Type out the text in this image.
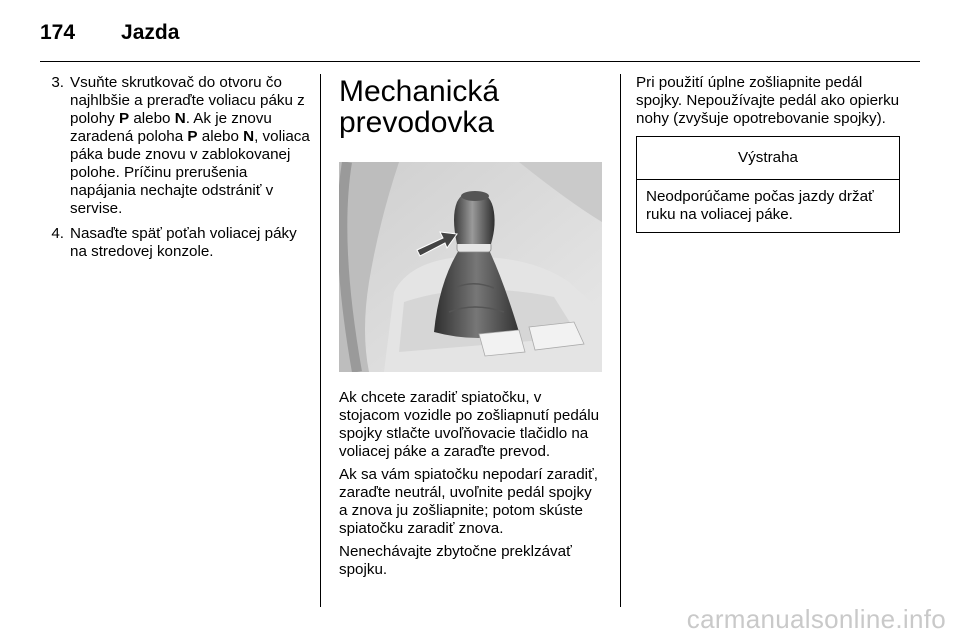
174 Jazda
3. Vsuňte skrutkovač do otvoru čo najhlbšie a preraďte voliacu páku z polohy P alebo N. Ak je znovu zaradená poloha P alebo N, voliaca páka bude znovu v zablokovanej polohe. Príčinu prerušenia napájania nechajte odstrániť v servise.
4. Nasaďte späť poťah voliacej páky na stredovej konzole.
Mechanická
prevodovka

Ak chcete zaradiť spiatočku, v stojacom vozidle po zošliapnutí pedálu spojky stlačte uvoľňovacie tlačidlo na voliacej páke a zaraďte prevod.

Ak sa vám spiatočku nepodarí zaradiť, zaraďte neutrál, uvoľnite pedál spojky a znova ju zošliapnite; potom skúste spiatočku zaradiť znova.

Nenechávajte zbytočne preklzávať spojku.

Pri použití úplne zošliapnite pedál spojky. Nepoužívajte pedál ako opierku nohy (zvyšuje opotrebovanie spojky).

Výstraha
Neodporúčame počas jazdy držať ruku na voliacej páke.
carmanualsonline.info
